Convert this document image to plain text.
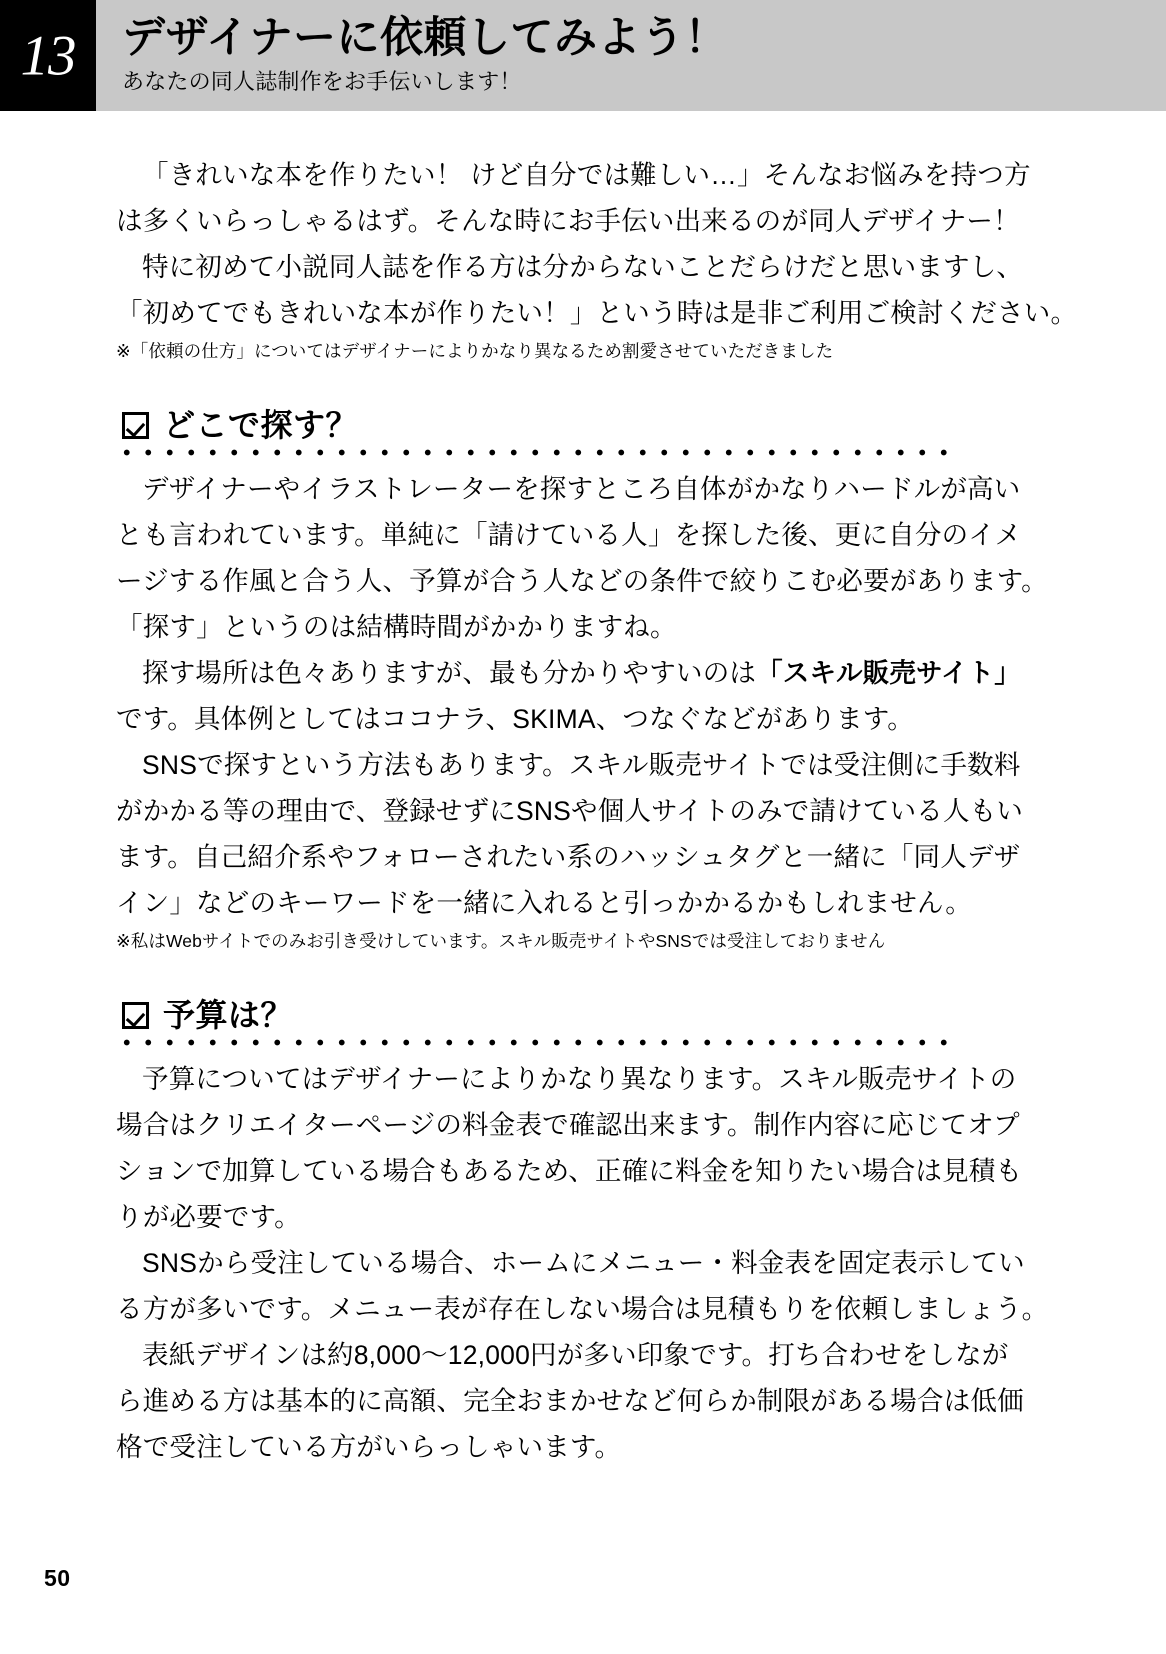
13	デザイナーに依頼してみよう！

あなたの同人誌制作をお手伝いします！

「きれいな本を作りたい！ けど自分では難しい…」そんなお悩みを持つ方
は多くいらっしゃるはず。そんな時にお手伝い出来るのが同人デザイナー！
特に初めて小説同人誌を作る方は分からないことだらけだと思いますし、
「初めてでもきれいな本が作りたい！」という時は是非ご利用ご検討ください。

※「依頼の仕方」についてはデザイナーによりかなり異なるため割愛させていただきました

どこで探す？

デザイナーやイラストレーターを探すところ自体がかなりハードルが高い
とも言われています。単純に「請けている人」を探した後、更に自分のイメ
ージする作風と合う人、予算が合う人などの条件で絞りこむ必要があります。
「探す」というのは結構時間がかかりますね。

探す場所は色々ありますが、最も分かりやすいのは「スキル販売サイト」
です。具体例としてはココナラ、SKIMA、つなぐなどがあります。

SNSで探すという方法もあります。スキル販売サイトでは受注側に手数料
がかかる等の理由で、登録せずにSNSや個人サイトのみで請けている人もい
ます。自己紹介系やフォローされたい系のハッシュタグと一緒に「同人デザ
イン」などのキーワードを一緒に入れると引っかかるかもしれません。

※私はWebサイトでのみお引き受けしています。スキル販売サイトやSNSでは受注しておりません

予算は？

予算についてはデザイナーによりかなり異なります。スキル販売サイトの
場合はクリエイターページの料金表で確認出来ます。制作内容に応じてオプ
ションで加算している場合もあるため、正確に料金を知りたい場合は見積も
りが必要です。

SNSから受注している場合、ホームにメニュー・料金表を固定表示してい
る方が多いです。メニュー表が存在しない場合は見積もりを依頼しましょう。

表紙デザインは約8,000〜12,000円が多い印象です。打ち合わせをしなが
ら進める方は基本的に高額、完全おまかせなど何らか制限がある場合は低価
格で受注している方がいらっしゃいます。

50
